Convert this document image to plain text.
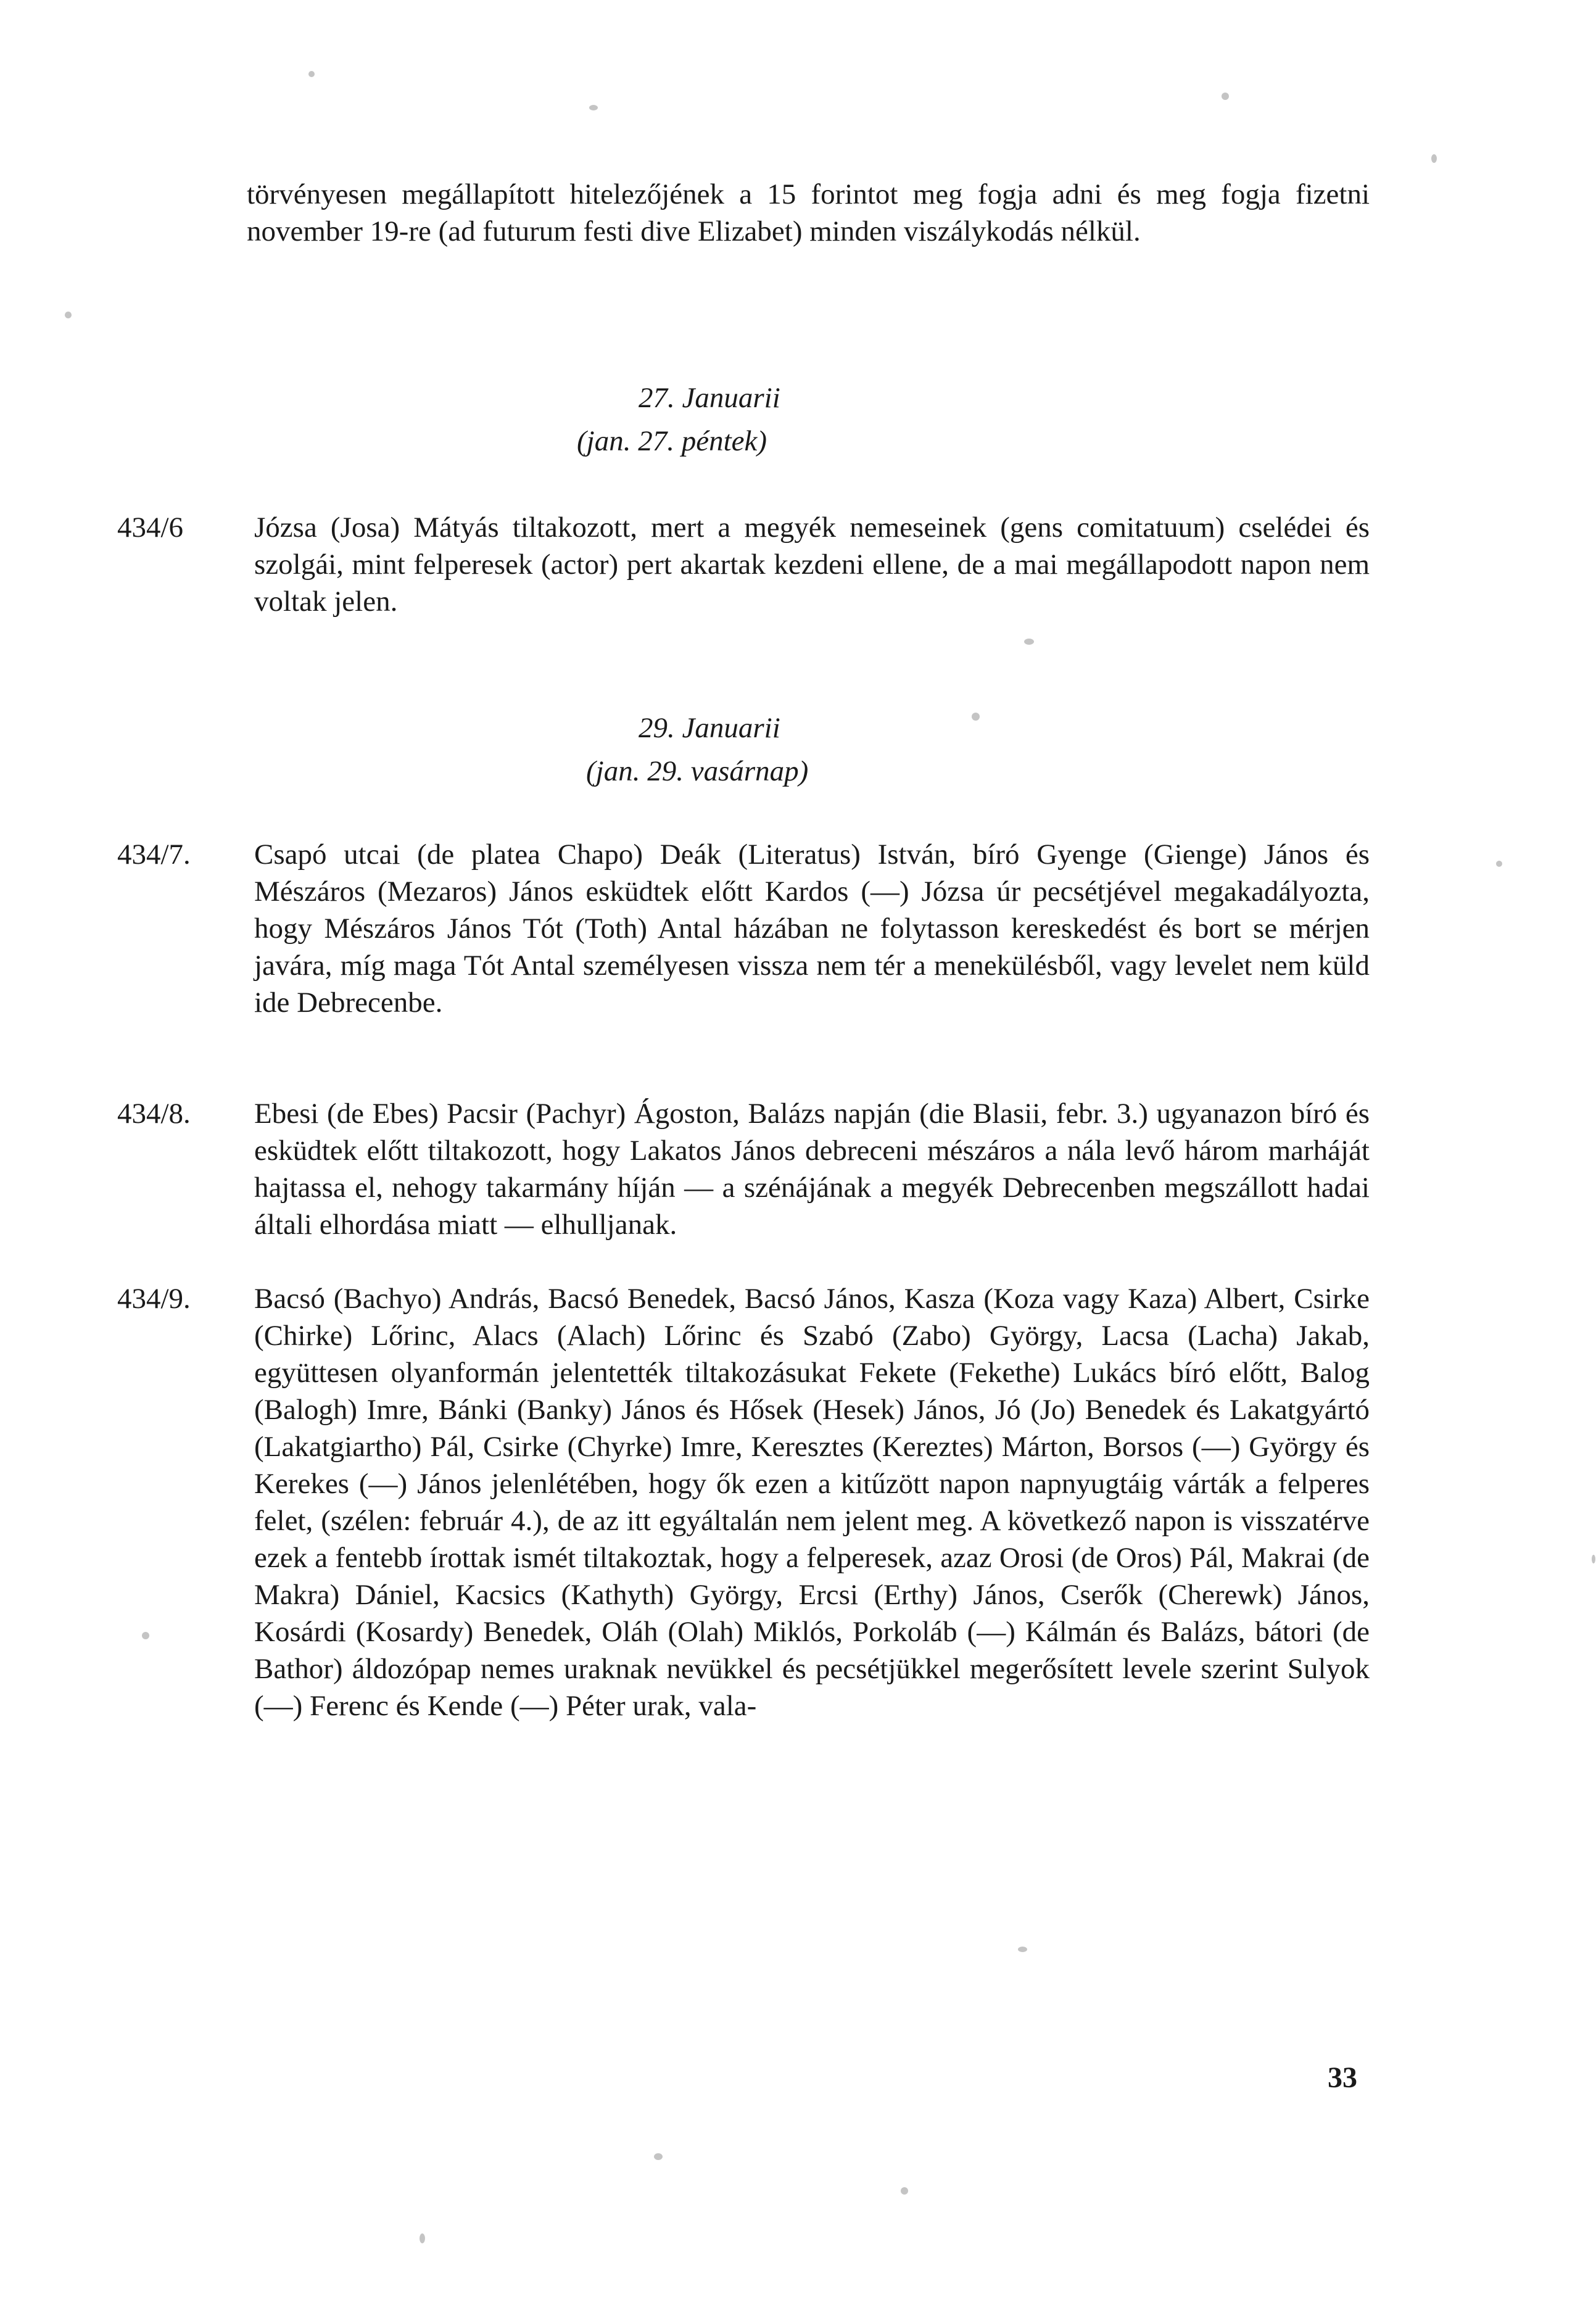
törvényesen megállapított hitelezőjének a 15 forintot meg fogja adni és meg fogja fizetni november 19-re (ad futurum festi dive Elizabet) minden viszálykodás nélkül.
27. Januarii
(jan. 27. péntek)
434/6	Józsa (Josa) Mátyás tiltakozott, mert a megyék nemeseinek (gens comitatuum) cselédei és szolgái, mint felperesek (actor) pert akartak kezdeni ellene, de a mai megállapodott napon nem voltak jelen.
29. Januarii
(jan. 29. vasárnap)
434/7.	Csapó utcai (de platea Chapo) Deák (Literatus) István, bíró Gyenge (Gienge) János és Mészáros (Mezaros) János esküdtek előtt Kardos (—) Józsa úr pecsétjével megakadályozta, hogy Mészáros János Tót (Toth) Antal házában ne folytasson kereskedést és bort se mérjen javára, míg maga Tót Antal személyesen vissza nem tér a menekülésből, vagy levelet nem küld ide Debrecenbe.
434/8.	Ebesi (de Ebes) Pacsir (Pachyr) Ágoston, Balázs napján (die Blasii, febr. 3.) ugyanazon bíró és esküdtek előtt tiltakozott, hogy Lakatos János debreceni mészáros a nála levő három marháját hajtassa el, nehogy takarmány híján — a szénájának a megyék Debrecenben megszállott hadai általi elhordása miatt — elhulljanak.
434/9.	Bacsó (Bachyo) András, Bacsó Benedek, Bacsó János, Kasza (Koza vagy Kaza) Albert, Csirke (Chirke) Lőrinc, Alacs (Alach) Lőrinc és Szabó (Zabo) György, Lacsa (Lacha) Jakab, együttesen olyanformán jelentették tiltakozásukat Fekete (Fekethe) Lukács bíró előtt, Balog (Balogh) Imre, Bánki (Banky) János és Hősek (Hesek) János, Jó (Jo) Benedek és Lakatgyártó (Lakatgiartho) Pál, Csirke (Chyrke) Imre, Keresztes (Kereztes) Márton, Borsos (—) György és Kerekes (—) János jelenlétében, hogy ők ezen a kitűzött napon napnyugtáig várták a felperes felet, (szélen: február 4.), de az itt egyáltalán nem jelent meg. A következő napon is visszatérve ezek a fentebb írottak ismét tiltakoztak, hogy a felperesek, azaz Orosi (de Oros) Pál, Makrai (de Makra) Dániel, Kacsics (Kathyth) György, Ercsi (Erthy) János, Cserők (Cherewk) János, Kosárdi (Kosardy) Benedek, Oláh (Olah) Miklós, Porkoláb (—) Kálmán és Balázs, bátori (de Bathor) áldozópap nemes uraknak nevükkel és pecsétjükkel megerősített levele szerint Sulyok (—) Ferenc és Kende (—) Péter urak, vala-
33
